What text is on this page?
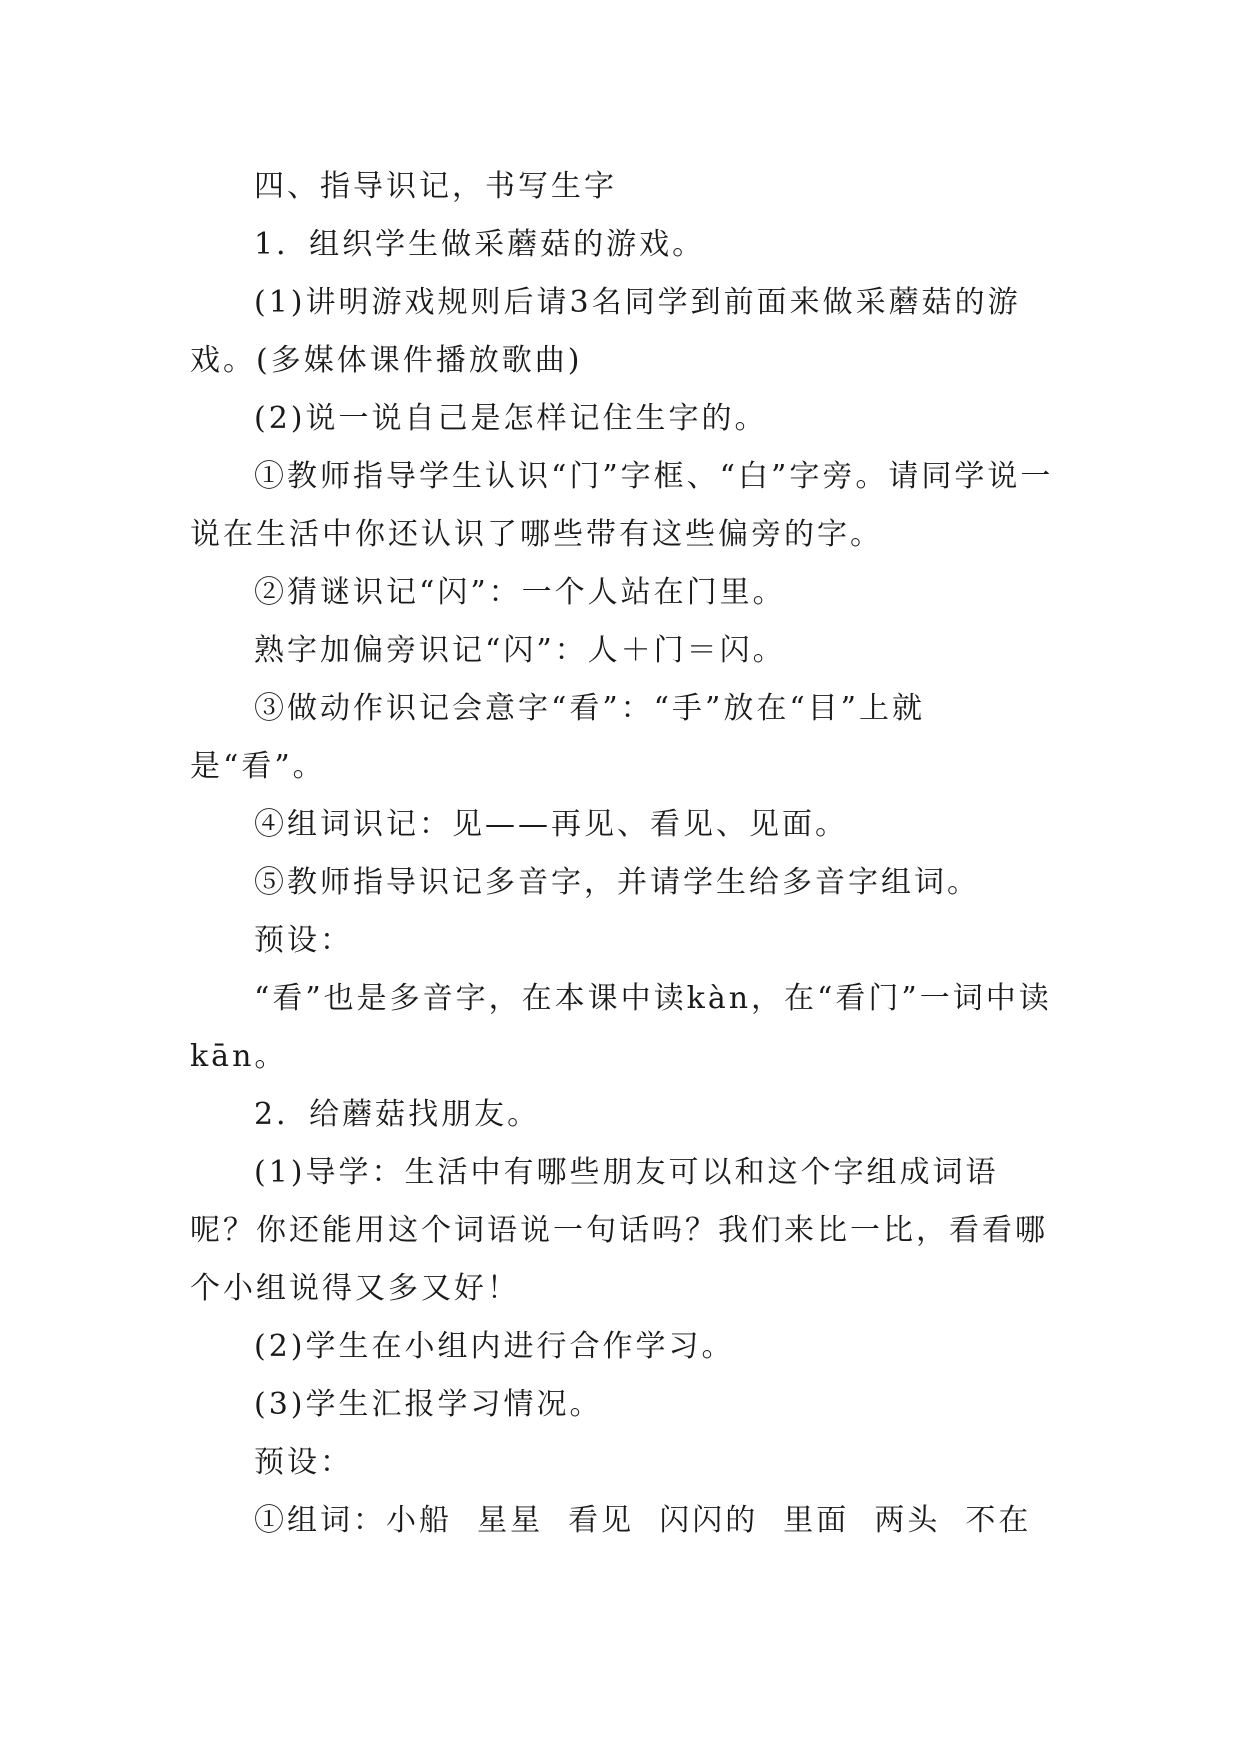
四、指导识记，书写生字

1．组织学生做采蘑菇的游戏。

(1)讲明游戏规则后请3名同学到前面来做采蘑菇的游戏。(多媒体课件播放歌曲)

(2)说一说自己是怎样记住生字的。

①教师指导学生认识“门”字框、“白”字旁。请同学说一说在生活中你还认识了哪些带有这些偏旁的字。

②猜谜识记“闪”：一个人站在门里。

熟字加偏旁识记“闪”：人＋门＝闪。

③做动作识记会意字“看”：“手”放在“目”上就是“看”。

④组词识记：见——再见、看见、见面。

⑤教师指导识记多音字，并请学生给多音字组词。

预设：

“看”也是多音字，在本课中读kàn，在“看门”一词中读kān。

2．给蘑菇找朋友。

(1)导学：生活中有哪些朋友可以和这个字组成词语呢？你还能用这个词语说一句话吗？我们来比一比，看看哪个小组说得又多又好！

(2)学生在小组内进行合作学习。

(3)学生汇报学习情况。

预设：

①组词：小船  星星  看见  闪闪的  里面  两头  不在
